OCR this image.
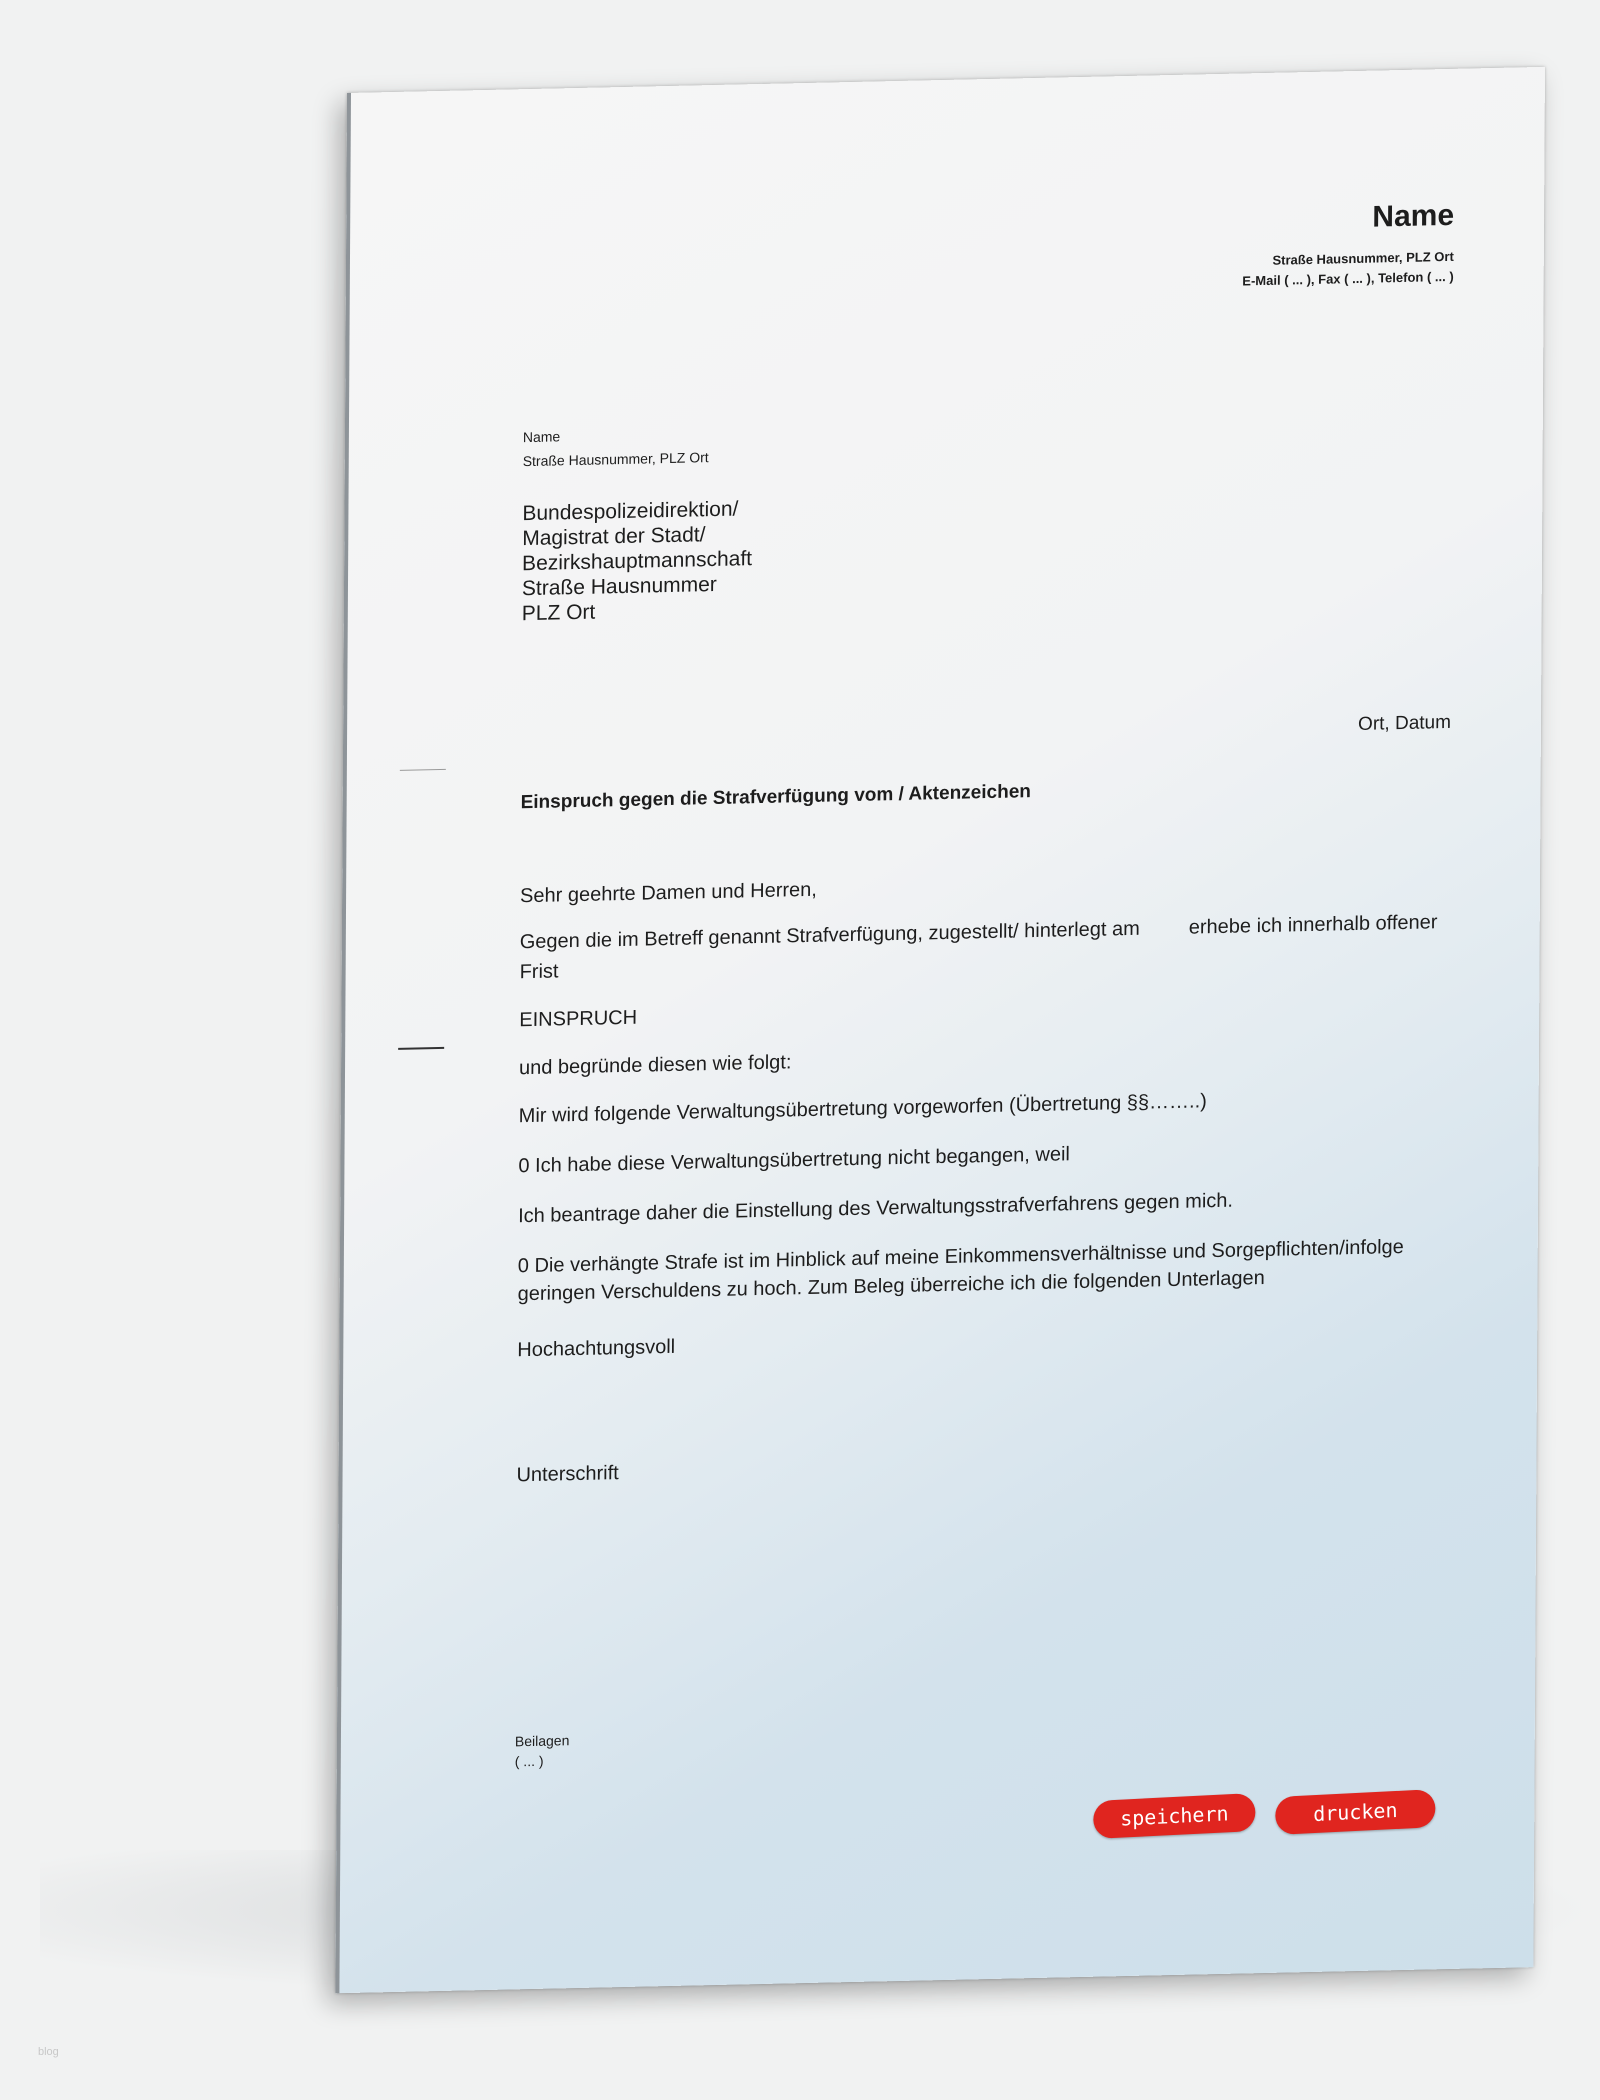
Name
Straße Hausnummer, PLZ Ort
E-Mail ( ... ), Fax ( ... ), Telefon ( ... )
Name
Straße Hausnummer, PLZ Ort
Bundespolizeidirektion/
Magistrat der Stadt/
Bezirkshauptmannschaft
Straße Hausnummer
PLZ Ort
Ort, Datum
Einspruch gegen die Strafverfügung vom / Aktenzeichen
Sehr geehrte Damen und Herren,
Gegen die im Betreff genannt Strafverfügung, zugestellt/ hinterlegt am erhebe ich innerhalb offener
Frist
EINSPRUCH
und begründe diesen wie folgt:
Mir wird folgende Verwaltungsübertretung vorgeworfen (Übertretung §§……..)
0 Ich habe diese Verwaltungsübertretung nicht begangen, weil
Ich beantrage daher die Einstellung des Verwaltungsstrafverfahrens gegen mich.
0 Die verhängte Strafe ist im Hinblick auf meine Einkommensverhältnisse und Sorgepflichten/infolge
geringen Verschuldens zu hoch. Zum Beleg überreiche ich die folgenden Unterlagen
Hochachtungsvoll
Unterschrift
Beilagen
( ... )
speichern	drucken
blog
